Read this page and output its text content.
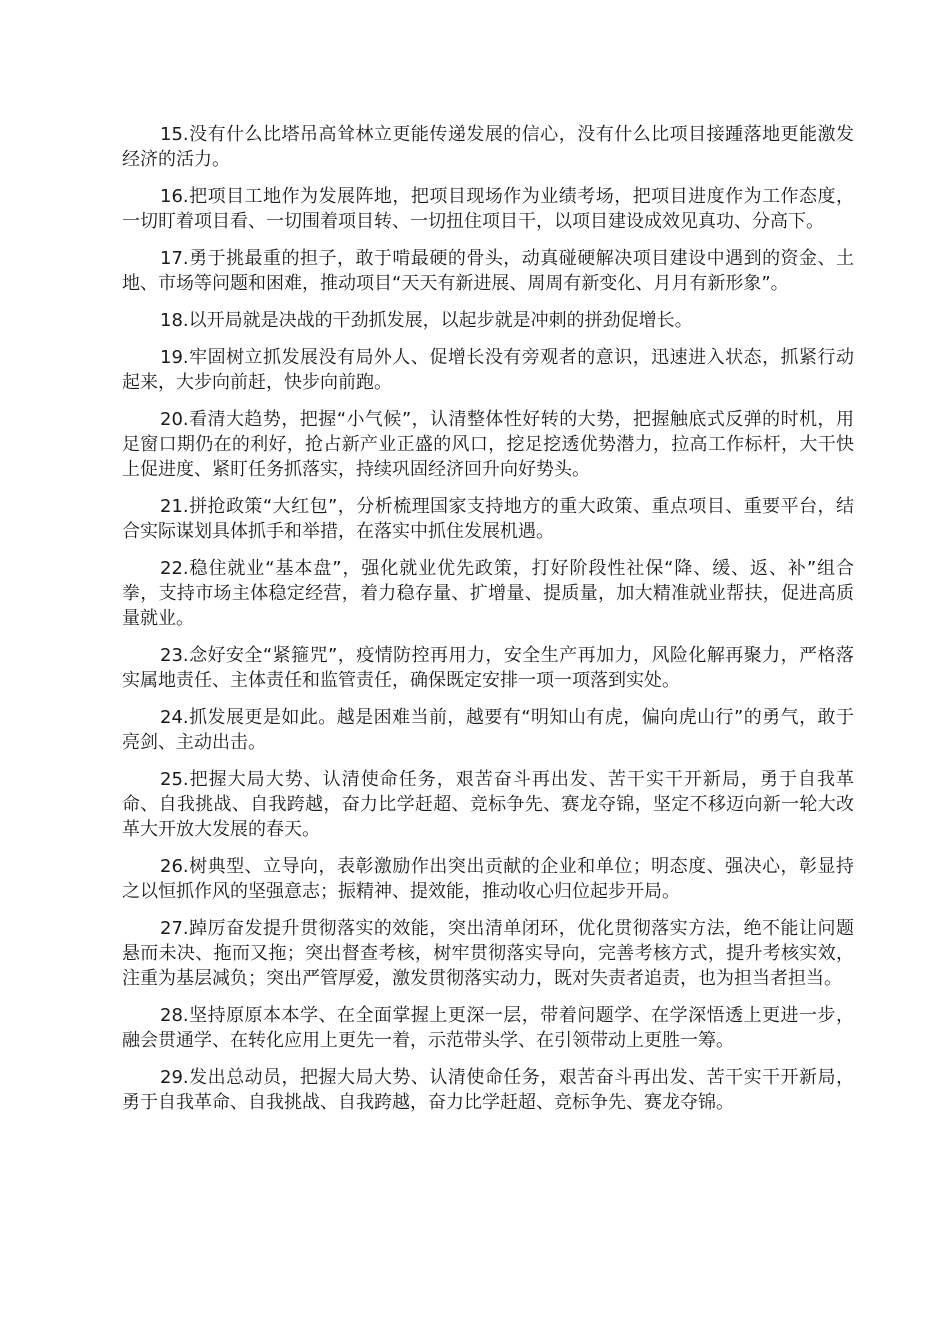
15.没有什么比塔吊高耸林立更能传递发展的信心，没有什么比项目接踵落地更能激发经济的活力。

16.把项目工地作为发展阵地，把项目现场作为业绩考场，把项目进度作为工作态度，一切盯着项目看、一切围着项目转、一切扭住项目干，以项目建设成效见真功、分高下。

17.勇于挑最重的担子，敢于啃最硬的骨头，动真碰硬解决项目建设中遇到的资金、土地、市场等问题和困难，推动项目“天天有新进展、周周有新变化、月月有新形象”。

18.以开局就是决战的干劲抓发展，以起步就是冲刺的拼劲促增长。

19.牢固树立抓发展没有局外人、促增长没有旁观者的意识，迅速进入状态，抓紧行动起来，大步向前赶，快步向前跑。

20.看清大趋势，把握“小气候”，认清整体性好转的大势，把握触底式反弹的时机，用足窗口期仍在的利好，抢占新产业正盛的风口，挖足挖透优势潜力，拉高工作标杆，大干快上促进度、紧盯任务抓落实，持续巩固经济回升向好势头。

21.拼抢政策“大红包”，分析梳理国家支持地方的重大政策、重点项目、重要平台，结合实际谋划具体抓手和举措，在落实中抓住发展机遇。

22.稳住就业“基本盘”，强化就业优先政策，打好阶段性社保“降、缓、返、补”组合拳，支持市场主体稳定经营，着力稳存量、扩增量、提质量，加大精准就业帮扶，促进高质量就业。

23.念好安全“紧箍咒”，疫情防控再用力，安全生产再加力，风险化解再聚力，严格落实属地责任、主体责任和监管责任，确保既定安排一项一项落到实处。

24.抓发展更是如此。越是困难当前，越要有“明知山有虎，偏向虎山行”的勇气，敢于亮剑、主动出击。

25.把握大局大势、认清使命任务，艰苦奋斗再出发、苦干实干开新局，勇于自我革命、自我挑战、自我跨越，奋力比学赶超、竞标争先、赛龙夺锦，坚定不移迈向新一轮大改革大开放大发展的春天。

26.树典型、立导向，表彰激励作出突出贡献的企业和单位；明态度、强决心，彰显持之以恒抓作风的坚强意志；振精神、提效能，推动收心归位起步开局。

27.踔厉奋发提升贯彻落实的效能，突出清单闭环，优化贯彻落实方法，绝不能让问题悬而未决、拖而又拖；突出督查考核，树牢贯彻落实导向，完善考核方式，提升考核实效，注重为基层减负；突出严管厚爱，激发贯彻落实动力，既对失责者追责，也为担当者担当。

28.坚持原原本本学、在全面掌握上更深一层，带着问题学、在学深悟透上更进一步，融会贯通学、在转化应用上更先一着，示范带头学、在引领带动上更胜一筹。

29.发出总动员，把握大局大势、认清使命任务，艰苦奋斗再出发、苦干实干开新局，勇于自我革命、自我挑战、自我跨越，奋力比学赶超、竞标争先、赛龙夺锦。
